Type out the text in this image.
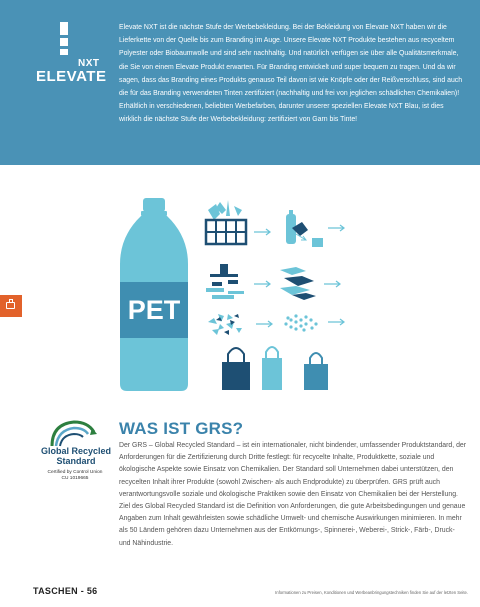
NXT
ELEVATE

Elevate NXT ist die nächste Stufe der Werbebekleidung. Bei der Bekleidung von Elevate NXT haben wir die Lieferkette von der Quelle bis zum Branding im Auge. Unsere Elevate NXT Produkte bestehen aus recyceltem Polyester oder Biobaumwolle und sind sehr nachhaltig. Und natürlich verfügen sie über alle Qualitätsmerkmale, die Sie von einem Elevate Produkt erwarten. Für Branding entwickelt und super bequem zu tragen. Und da wir sagen, dass das Branding eines Produkts genauso Teil davon ist wie Knöpfe oder der Reißverschluss, sind auch die für das Branding verwendeten Tinten zertifiziert (nachhaltig und frei von jeglichen schädlichen Chemikalien)! Erhältlich in verschiedenen, beliebten Werbefarben, darunter unserer speziellen Elevate NXT Blau, ist dies wirklich die nächste Stufe der Werbebekleidung: zertifiziert von Garn bis Tinte!

PET
Global Recycled
Standard
Certified by Control Union
CU 1019665
WAS IST GRS?

Der GRS – Global Recycled Standard – ist ein internationaler, nicht bindender, umfassender Produktstandard, der Anforderungen für die Zertifizierung durch Dritte festlegt: für recycelte Inhalte, Produktkette, soziale und ökologische Aspekte sowie Einsatz von Chemikalien. Der Standard soll Unternehmen dabei unterstützen, den recycelten Inhalt ihrer Produkte (sowohl Zwischen- als auch Endprodukte) zu überprüfen. GRS prüft auch verantwortungsvolle soziale und ökologische Praktiken sowie den Einsatz von Chemikalien bei der Herstellung. Ziel des Global Recycled Standard ist die Definition von Anforderungen, die gute Arbeitsbedingungen und genaue Angaben zum Inhalt gewährleisten sowie schädliche Umwelt- und chemische Auswirkungen minimieren. In mehr als 50 Ländern gehören dazu Unternehmen aus der Entkörnungs-, Spinnerei-, Weberei-, Strick-, Färb-, Druck- und Nähindustrie.

TASCHEN - 56	Informationen zu Preisen, Konditionen und Werbeanbringungstechniken finden Sie auf der letzten Seite.
